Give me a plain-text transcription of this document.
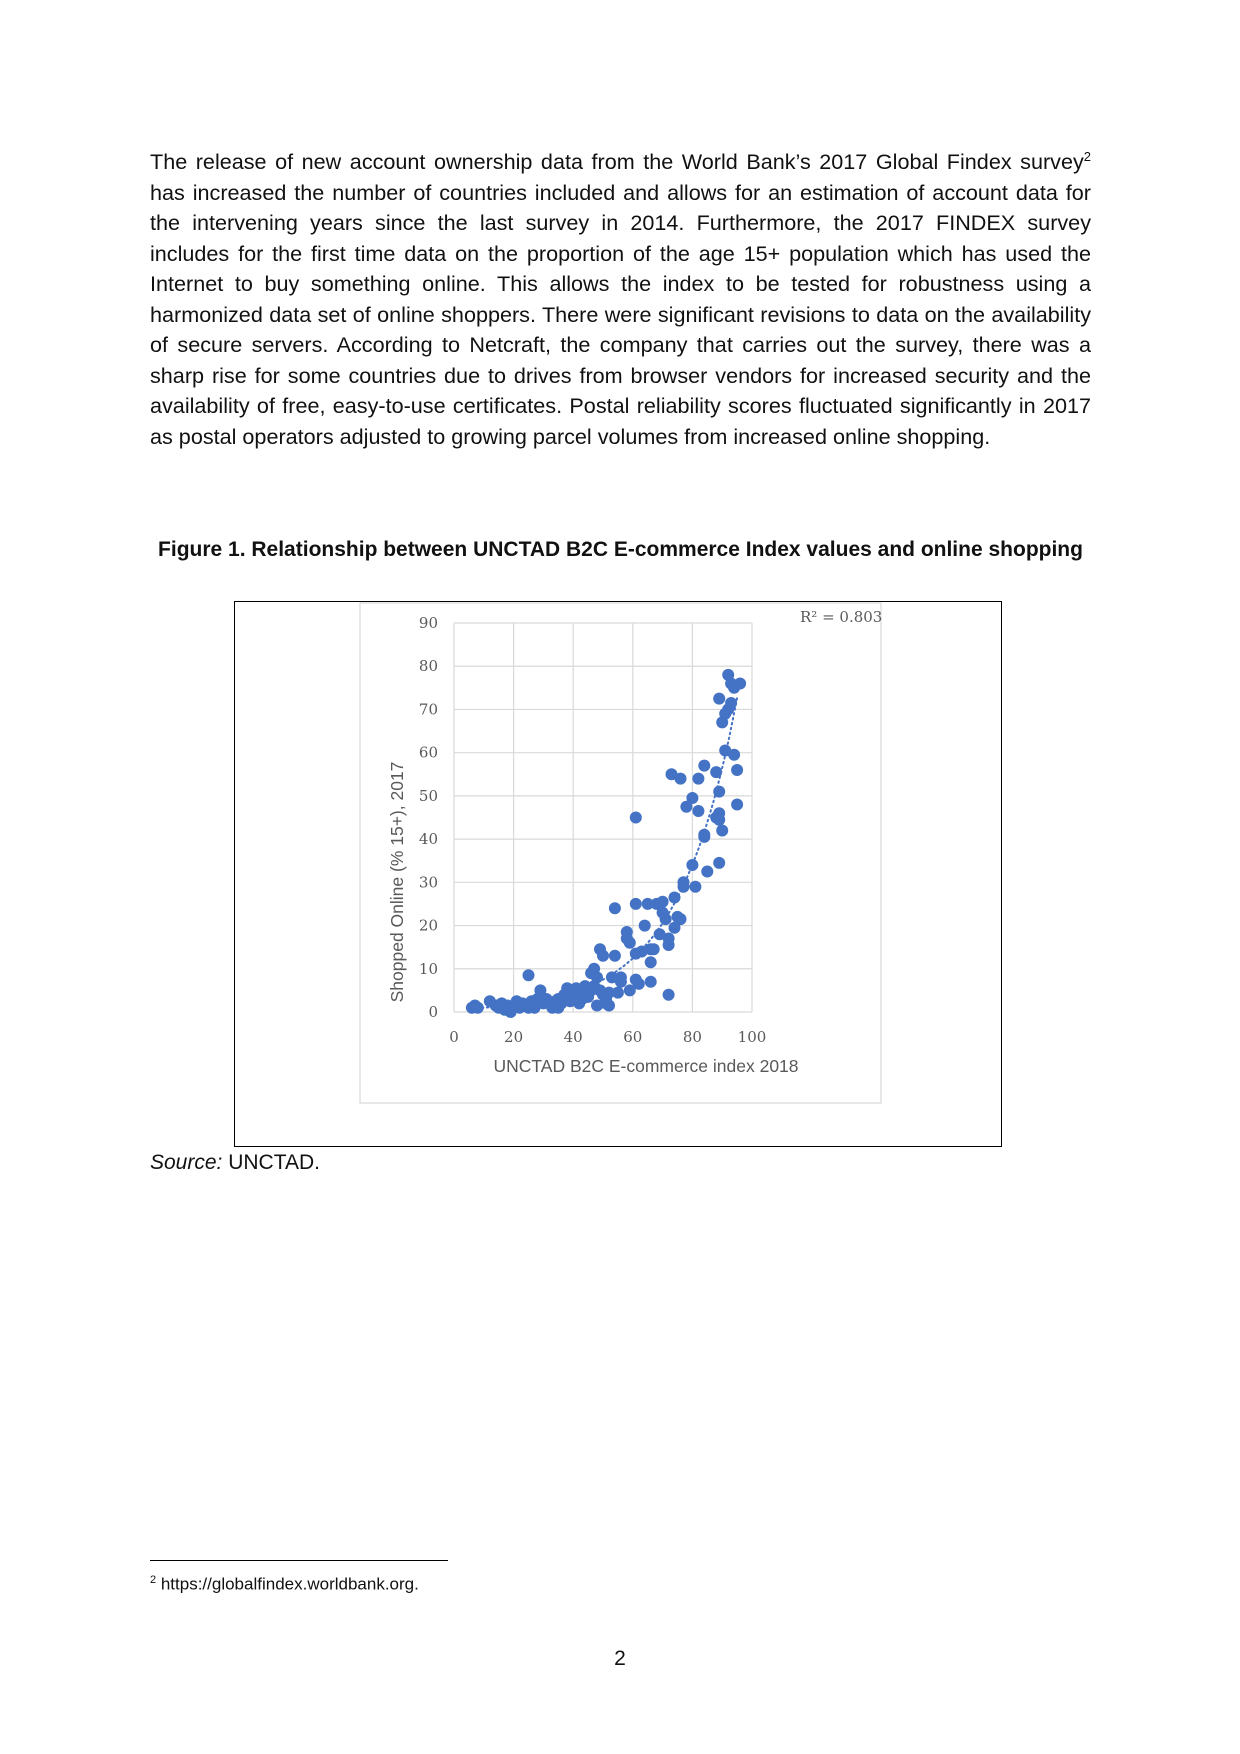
The release of new account ownership data from the World Bank’s 2017 Global Findex survey$^2$ has increased the number of countries included and allows for an estimation of account data for the intervening years since the last survey in 2014. Furthermore, the 2017 FINDEX survey includes for the first time data on the proportion of the age 15+ population which has used the Internet to buy something online. This allows the index to be tested for robustness using a harmonized data set of online shoppers. There were significant revisions to data on the availability of secure servers. According to Netcraft, the company that carries out the survey, there was a sharp rise for some countries due to drives from browser vendors for increased security and the availability of free, easy-to-use certificates. Postal reliability scores fluctuated significantly in 2017 as postal operators adjusted to growing parcel volumes from increased online shopping.

Figure 1. Relationship between UNCTAD B2C E-commerce Index values and online shopping

0
10
20
30
40
50
60
70
80
90
0	20	40	60	80 100
UNCTAD B2C E-commerce index 2018
Shopped Online (% 15+), 2017
R² = 0.803

Source: UNCTAD.

$^2$ https://globalfindex.worldbank.org.

2
